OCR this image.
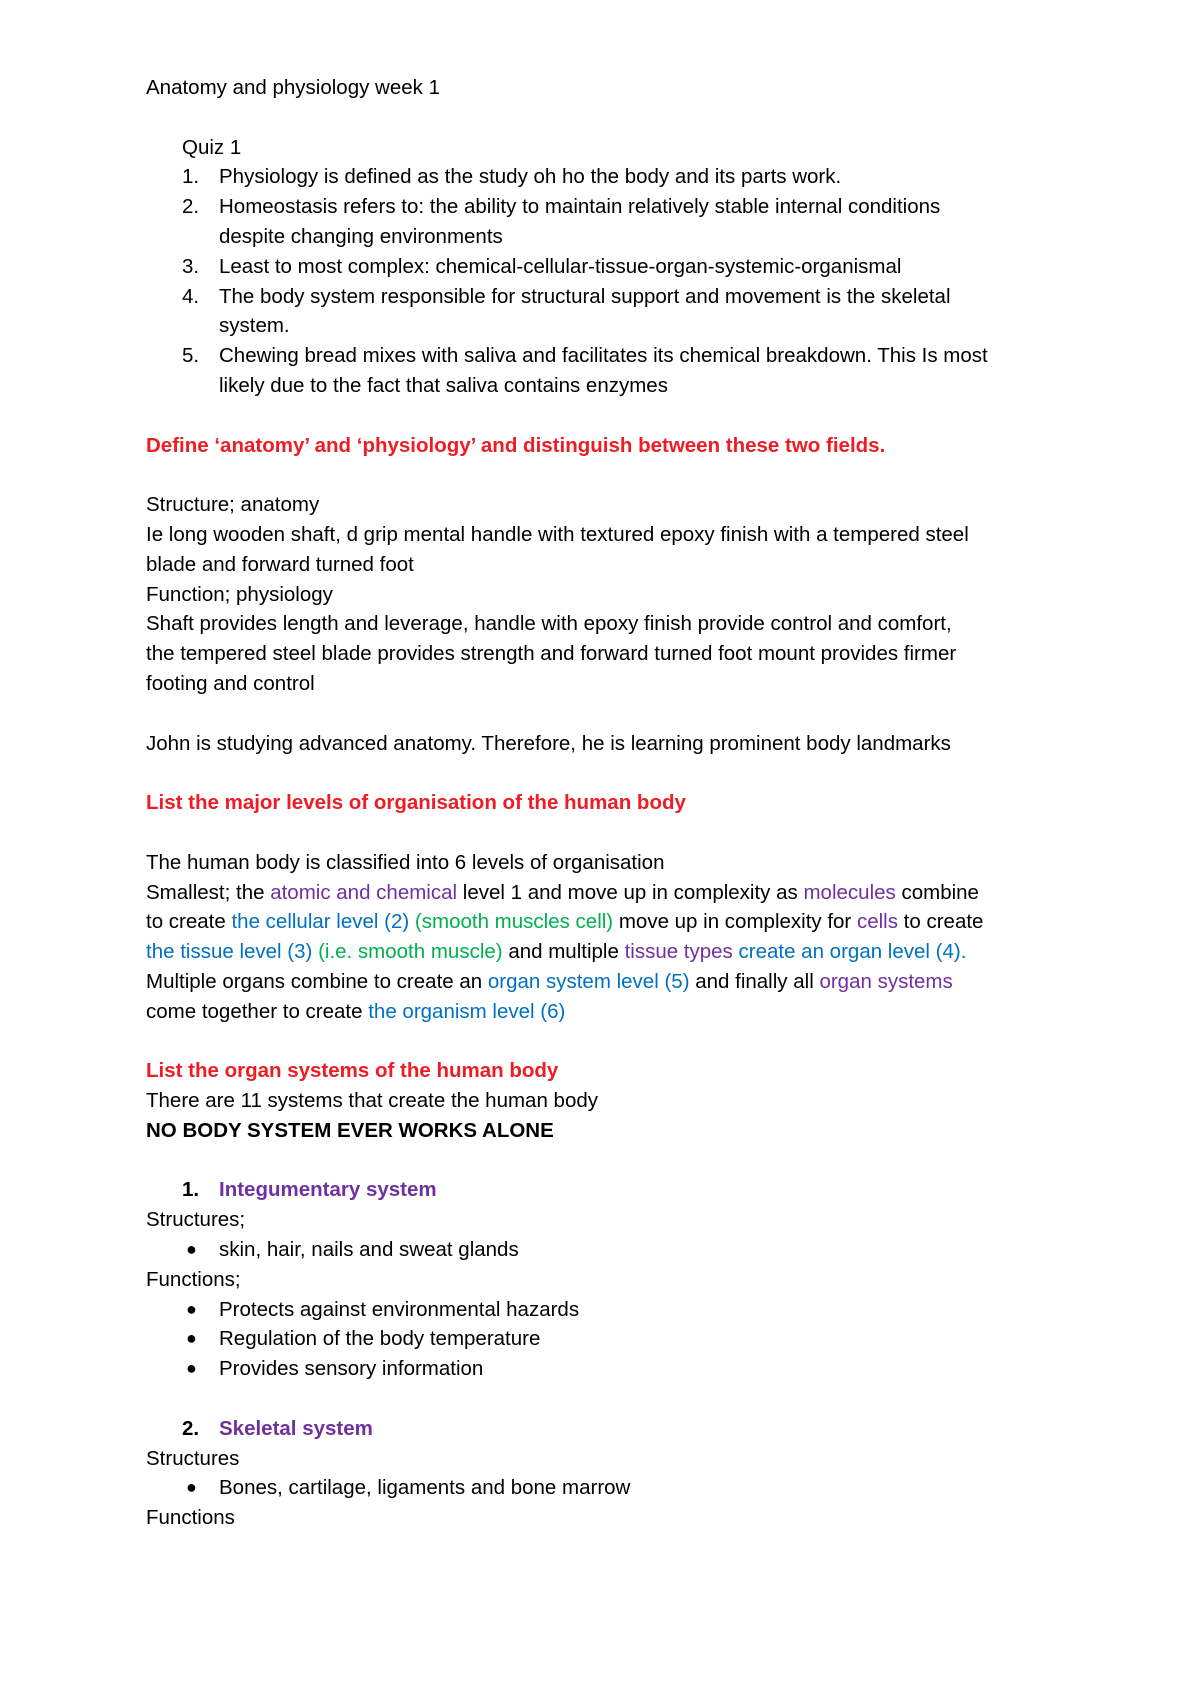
Anatomy and physiology week 1
Quiz 1
1. Physiology is defined as the study oh ho the body and its parts work.
2. Homeostasis refers to: the ability to maintain relatively stable internal conditions
despite changing environments
3. Least to most complex: chemical-cellular-tissue-organ-systemic-organismal
4. The body system responsible for structural support and movement is the skeletal
system.
5. Chewing bread mixes with saliva and facilitates its chemical breakdown. This Is most
likely due to the fact that saliva contains enzymes
Define ‘anatomy’ and ‘physiology’ and distinguish between these two fields.
Structure; anatomy
Ie long wooden shaft, d grip mental handle with textured epoxy finish with a tempered steel
blade and forward turned foot
Function; physiology
Shaft provides length and leverage, handle with epoxy finish provide control and comfort,
the tempered steel blade provides strength and forward turned foot mount provides firmer
footing and control
John is studying advanced anatomy. Therefore, he is learning prominent body landmarks
List the major levels of organisation of the human body
The human body is classified into 6 levels of organisation
Smallest; the atomic and chemical level 1 and move up in complexity as molecules combine
to create the cellular level (2) (smooth muscles cell) move up in complexity for cells to create
the tissue level (3) (i.e. smooth muscle) and multiple tissue types create an organ level (4).
Multiple organs combine to create an organ system level (5) and finally all organ systems
come together to create the organism level (6)
List the organ systems of the human body
There are 11 systems that create the human body
NO BODY SYSTEM EVER WORKS ALONE
1. Integumentary system
Structures;
● skin, hair, nails and sweat glands
Functions;
● Protects against environmental hazards
● Regulation of the body temperature
● Provides sensory information
2. Skeletal system
Structures
● Bones, cartilage, ligaments and bone marrow
Functions
